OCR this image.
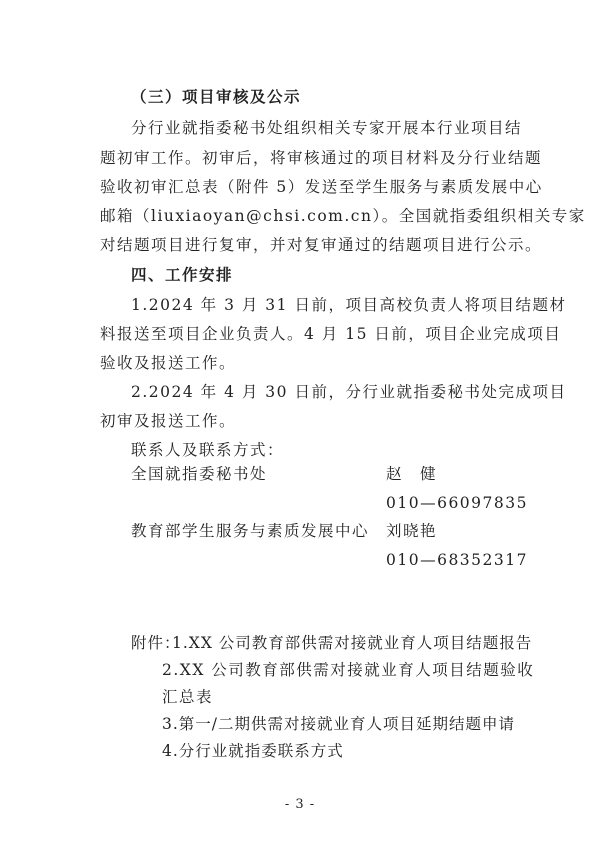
（三）项目审核及公示
分行业就指委秘书处组织相关专家开展本行业项目结
题初审工作。初审后，将审核通过的项目材料及分行业结题
验收初审汇总表（附件 5）发送至学生服务与素质发展中心
邮箱（liuxiaoyan@chsi.com.cn）。全国就指委组织相关专家
对结题项目进行复审，并对复审通过的结题项目进行公示。
四、工作安排
1.2024 年 3 月 31 日前，项目高校负责人将项目结题材
料报送至项目企业负责人。4 月 15 日前，项目企业完成项目
验收及报送工作。
2.2024 年 4 月 30 日前，分行业就指委秘书处完成项目
初审及报送工作。
联系人及联系方式：
全国就指委秘书处	赵　健
010—66097835
教育部学生服务与素质发展中心 刘晓艳
010—68352317
附件：
1.XX 公司教育部供需对接就业育人项目结题报告
2.XX 公司教育部供需对接就业育人项目结题验收
汇总表
3.第一/二期供需对接就业育人项目延期结题申请
4.分行业就指委联系方式
- 3 -
